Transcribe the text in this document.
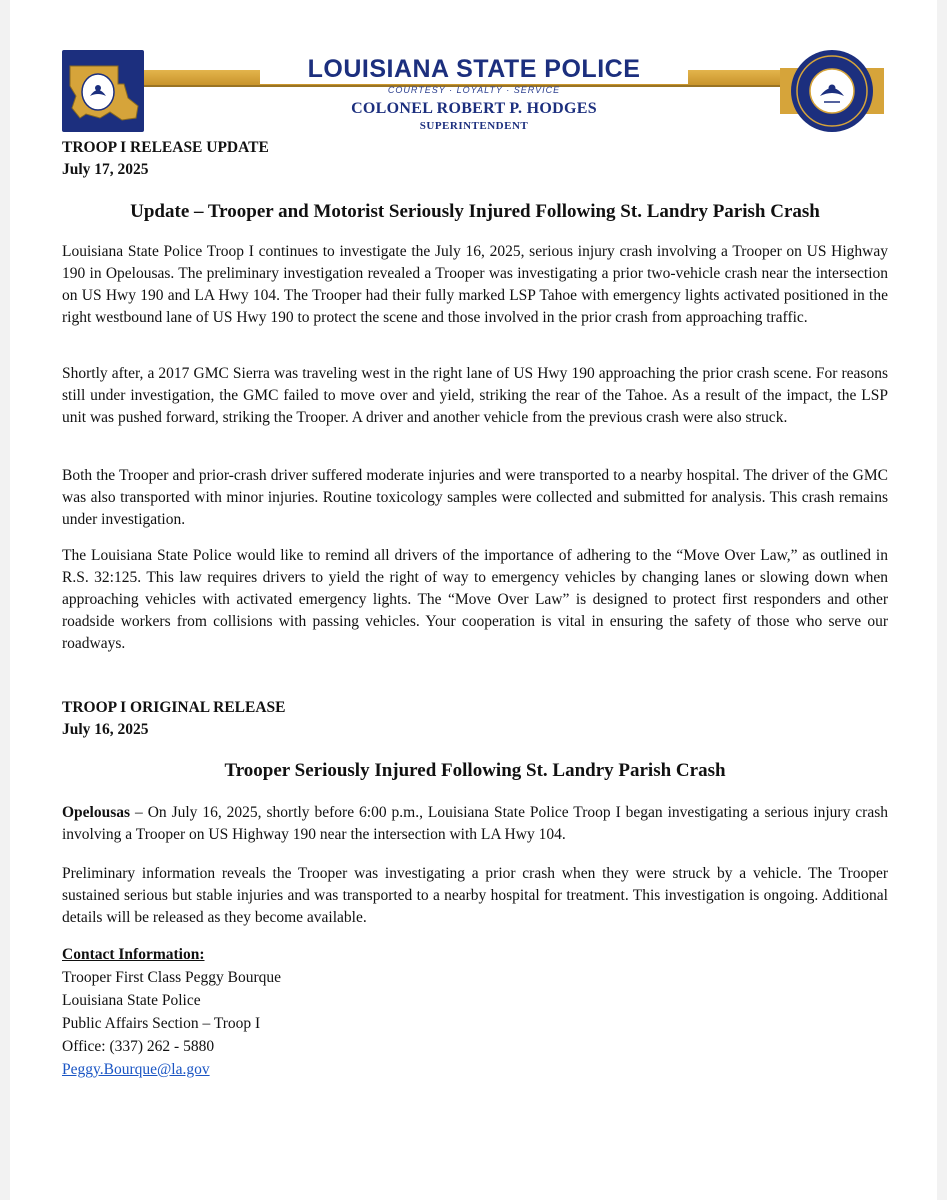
LOUISIANA STATE POLICE
COURTESY · LOYALTY · SERVICE
COLONEL ROBERT P. HODGES
SUPERINTENDENT
TROOP I RELEASE UPDATE
July 17, 2025
Update – Trooper and Motorist Seriously Injured Following St. Landry Parish Crash

Louisiana State Police Troop I continues to investigate the July 16, 2025, serious injury crash involving a Trooper on US Highway 190 in Opelousas. The preliminary investigation revealed a Trooper was investigating a prior two-vehicle crash near the intersection on US Hwy 190 and LA Hwy 104. The Trooper had their fully marked LSP Tahoe with emergency lights activated positioned in the right westbound lane of US Hwy 190 to protect the scene and those involved in the prior crash from approaching traffic.

Shortly after, a 2017 GMC Sierra was traveling west in the right lane of US Hwy 190 approaching the prior crash scene. For reasons still under investigation, the GMC failed to move over and yield, striking the rear of the Tahoe. As a result of the impact, the LSP unit was pushed forward, striking the Trooper. A driver and another vehicle from the previous crash were also struck.

Both the Trooper and prior-crash driver suffered moderate injuries and were transported to a nearby hospital. The driver of the GMC was also transported with minor injuries. Routine toxicology samples were collected and submitted for analysis. This crash remains under investigation.

The Louisiana State Police would like to remind all drivers of the importance of adhering to the “Move Over Law,” as outlined in R.S. 32:125. This law requires drivers to yield the right of way to emergency vehicles by changing lanes or slowing down when approaching vehicles with activated emergency lights. The “Move Over Law” is designed to protect first responders and other roadside workers from collisions with passing vehicles. Your cooperation is vital in ensuring the safety of those who serve our roadways.

TROOP I ORIGINAL RELEASE
July 16, 2025
Trooper Seriously Injured Following St. Landry Parish Crash

Opelousas – On July 16, 2025, shortly before 6:00 p.m., Louisiana State Police Troop I began investigating a serious injury crash involving a Trooper on US Highway 190 near the intersection with LA Hwy 104.

Preliminary information reveals the Trooper was investigating a prior crash when they were struck by a vehicle. The Trooper sustained serious but stable injuries and was transported to a nearby hospital for treatment. This investigation is ongoing. Additional details will be released as they become available.

Contact Information:
Trooper First Class Peggy Bourque
Louisiana State Police
Public Affairs Section – Troop I
Office: (337) 262 - 5880
Peggy.Bourque@la.gov
